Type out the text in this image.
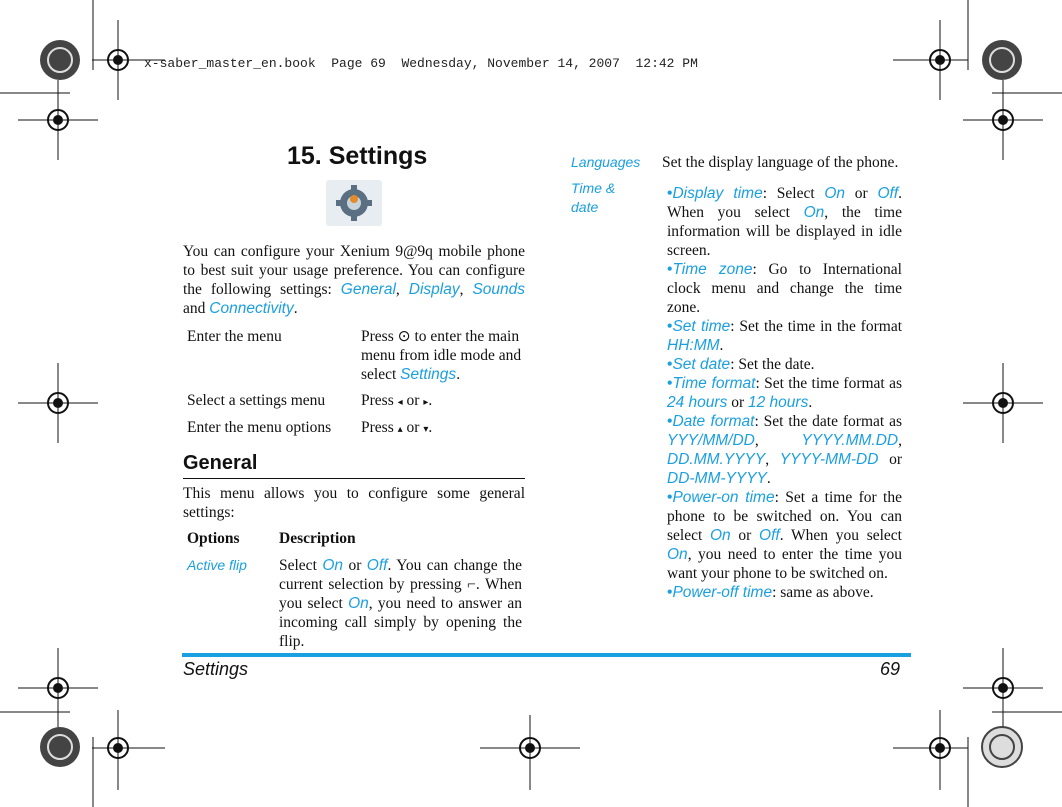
x-saber_master_en.book  Page 69  Wednesday, November 14, 2007  12:42 PM
15. Settings
You can configure your Xenium 9@9q mobile phone to best suit your usage preference. You can configure the following settings: General, Display, Sounds and Connectivity.
Enter the menu	Press ⊙ to enter the main menu from idle mode and select Settings.
Select a settings menu Press ◂ or ▸.
Enter the menu options Press ▴ or ▾.
General
This menu allows you to configure some general settings:
Options	Description
Active flip Select On or Off. You can change the current selection by pressing ⌐. When you select On, you need to answer an incoming call simply by opening the flip.
Languages Set the display language of the phone.
Time & date
•Display time: Select On or Off. When you select On, the time information will be displayed in idle screen.
•Time zone: Go to International clock menu and change the time zone.
•Set time: Set the time in the format HH:MM.
•Set date: Set the date.
•Time format: Set the time format as 24 hours or 12 hours.
•Date format: Set the date format as YYY/MM/DD, YYYY.MM.DD, DD.MM.YYYY, YYYY-MM-DD or DD-MM-YYYY.
•Power-on time: Set a time for the phone to be switched on. You can select On or Off. When you select On, you need to enter the time you want your phone to be switched on.
•Power-off time: same as above.
Settings	69
